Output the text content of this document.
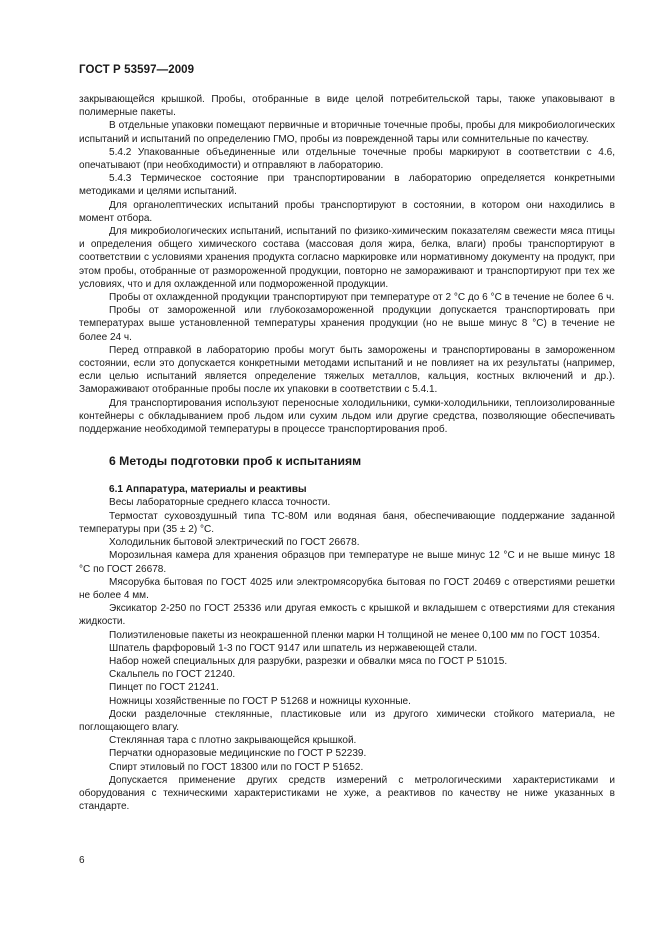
ГОСТ Р 53597—2009

закрывающейся крышкой. Пробы, отобранные в виде целой потребительской тары, также упаковывают в полимерные пакеты.

В отдельные упаковки помещают первичные и вторичные точечные пробы, пробы для микробиологических испытаний и испытаний по определению ГМО, пробы из поврежденной тары или сомнительные по качеству.

5.4.2 Упакованные объединенные или отдельные точечные пробы маркируют в соответствии с 4.6, опечатывают (при необходимости) и отправляют в лабораторию.

5.4.3 Термическое состояние при транспортировании в лабораторию определяется конкретными методиками и целями испытаний.

Для органолептических испытаний пробы транспортируют в состоянии, в котором они находились в момент отбора.

Для микробиологических испытаний, испытаний по физико-химическим показателям свежести мяса птицы и определения общего химического состава (массовая доля жира, белка, влаги) пробы транспортируют в соответствии с условиями хранения продукта согласно маркировке или нормативному документу на продукт, при этом пробы, отобранные от размороженной продукции, повторно не замораживают и транспортируют при тех же условиях, что и для охлажденной или подмороженной продукции.

Пробы от охлажденной продукции транспортируют при температуре от 2 °С до 6 °С в течение не более 6 ч.

Пробы от замороженной или глубокозамороженной продукции допускается транспортировать при температурах выше установленной температуры хранения продукции (но не выше минус 8 °С) в течение не более 24 ч.

Перед отправкой в лабораторию пробы могут быть заморожены и транспортированы в замороженном состоянии, если это допускается конкретными методами испытаний и не повлияет на их результаты (например, если целью испытаний является определение тяжелых металлов, кальция, костных включений и др.). Замораживают отобранные пробы после их упаковки в соответствии с 5.4.1.

Для транспортирования используют переносные холодильники, сумки-холодильники, теплоизолированные контейнеры с обкладыванием проб льдом или сухим льдом или другие средства, позволяющие обеспечивать поддержание необходимой температуры в процессе транспортирования проб.

6 Методы подготовки проб к испытаниям

6.1 Аппаратура, материалы и реактивы

Весы лабораторные среднего класса точности.

Термостат суховоздушный типа ТС-80М или водяная баня, обеспечивающие поддержание заданной температуры при (35 ± 2) °С.

Холодильник бытовой электрический по ГОСТ 26678.

Морозильная камера для хранения образцов при температуре не выше минус 12 °С и не выше минус 18 °С по ГОСТ 26678.

Мясорубка бытовая по ГОСТ 4025 или электромясорубка бытовая по ГОСТ 20469 с отверстиями решетки не более 4 мм.

Эксикатор 2-250 по ГОСТ 25336 или другая емкость с крышкой и вкладышем с отверстиями для стекания жидкости.

Полиэтиленовые пакеты из неокрашенной пленки марки Н толщиной не менее 0,100 мм по ГОСТ 10354.

Шпатель фарфоровый 1-3 по ГОСТ 9147 или шпатель из нержавеющей стали.

Набор ножей специальных для разрубки, разрезки и обвалки мяса по ГОСТ Р 51015.

Скальпель по ГОСТ 21240.

Пинцет по ГОСТ 21241.

Ножницы хозяйственные по ГОСТ Р 51268 и ножницы кухонные.

Доски разделочные стеклянные, пластиковые или из другого химически стойкого материала, не поглощающего влагу.

Стеклянная тара с плотно закрывающейся крышкой.

Перчатки одноразовые медицинские по ГОСТ Р 52239.

Спирт этиловый по ГОСТ 18300 или по ГОСТ Р 51652.

Допускается применение других средств измерений с метрологическими характеристиками и оборудования с техническими характеристиками не хуже, а реактивов по качеству не ниже указанных в стандарте.

6
